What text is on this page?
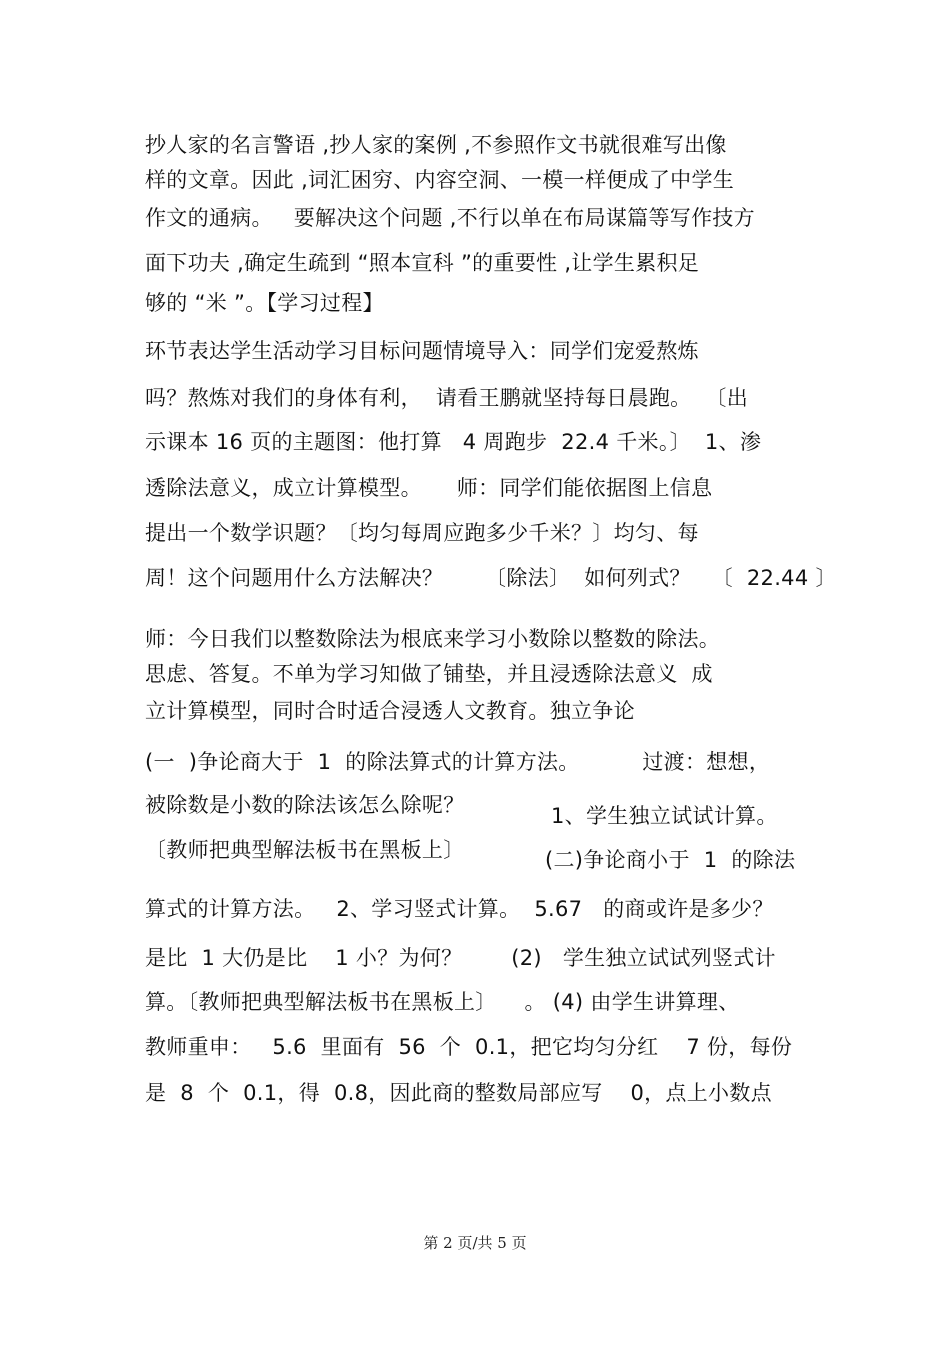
抄人家的名言警语 ,抄人家的案例 ,不参照作文书就很难写出像
样的文章。因此 ,词汇困穷、内容空洞、一模一样便成了中学生
作文的通病。   要解决这个问题 ,不行以单在布局谋篇等写作技方
面下功夫 ,确定生疏到 “照本宣科 ”的重要性 ,让学生累积足
够的 “米 ”。【学习过程】
环节表达学生活动学习目标问题情境导入：同学们宠爱熬炼
吗？熬炼对我们的身体有利，  请看王鹏就坚持每日晨跑。  〔出
示课本 16 页的主题图：他打算   4 周跑步  22.4 千米。〕  1、渗
透除法意义，成立计算模型。     师：同学们能依据图上信息
提出一个数学识题？〔均匀每周应跑多少千米？〕均匀、每
周！这个问题用什么方法解决？      〔除法〕  如何列式？   〔  22.44 〕
师：今日我们以整数除法为根底来学习小数除以整数的除法。
思虑、答复。不单为学习知做了铺垫，并且浸透除法意义  成
立计算模型，同时合时适合浸透人文教育。独立争论
(一  )争论商大于  1  的除法算式的计算方法。         过渡：想想，
被除数是小数的除法该怎么除呢？	1、学生独立试试计算。
〔教师把典型解法板书在黑板上〕	(二)争论商小于  1  的除法
算式的计算方法。   2、学习竖式计算。  5.67   的商或许是多少？
是比  1 大仍是比    1 小？为何？       (2)   学生独立试试列竖式计
算。〔教师把典型解法板书在黑板上〕    。 (4) 由学生讲算理、
教师重申：   5.6  里面有  56  个  0.1，把它均匀分红    7 份，每份
是  8  个  0.1，得  0.8，因此商的整数局部应写    0，点上小数点
第 2 页/共 5 页
